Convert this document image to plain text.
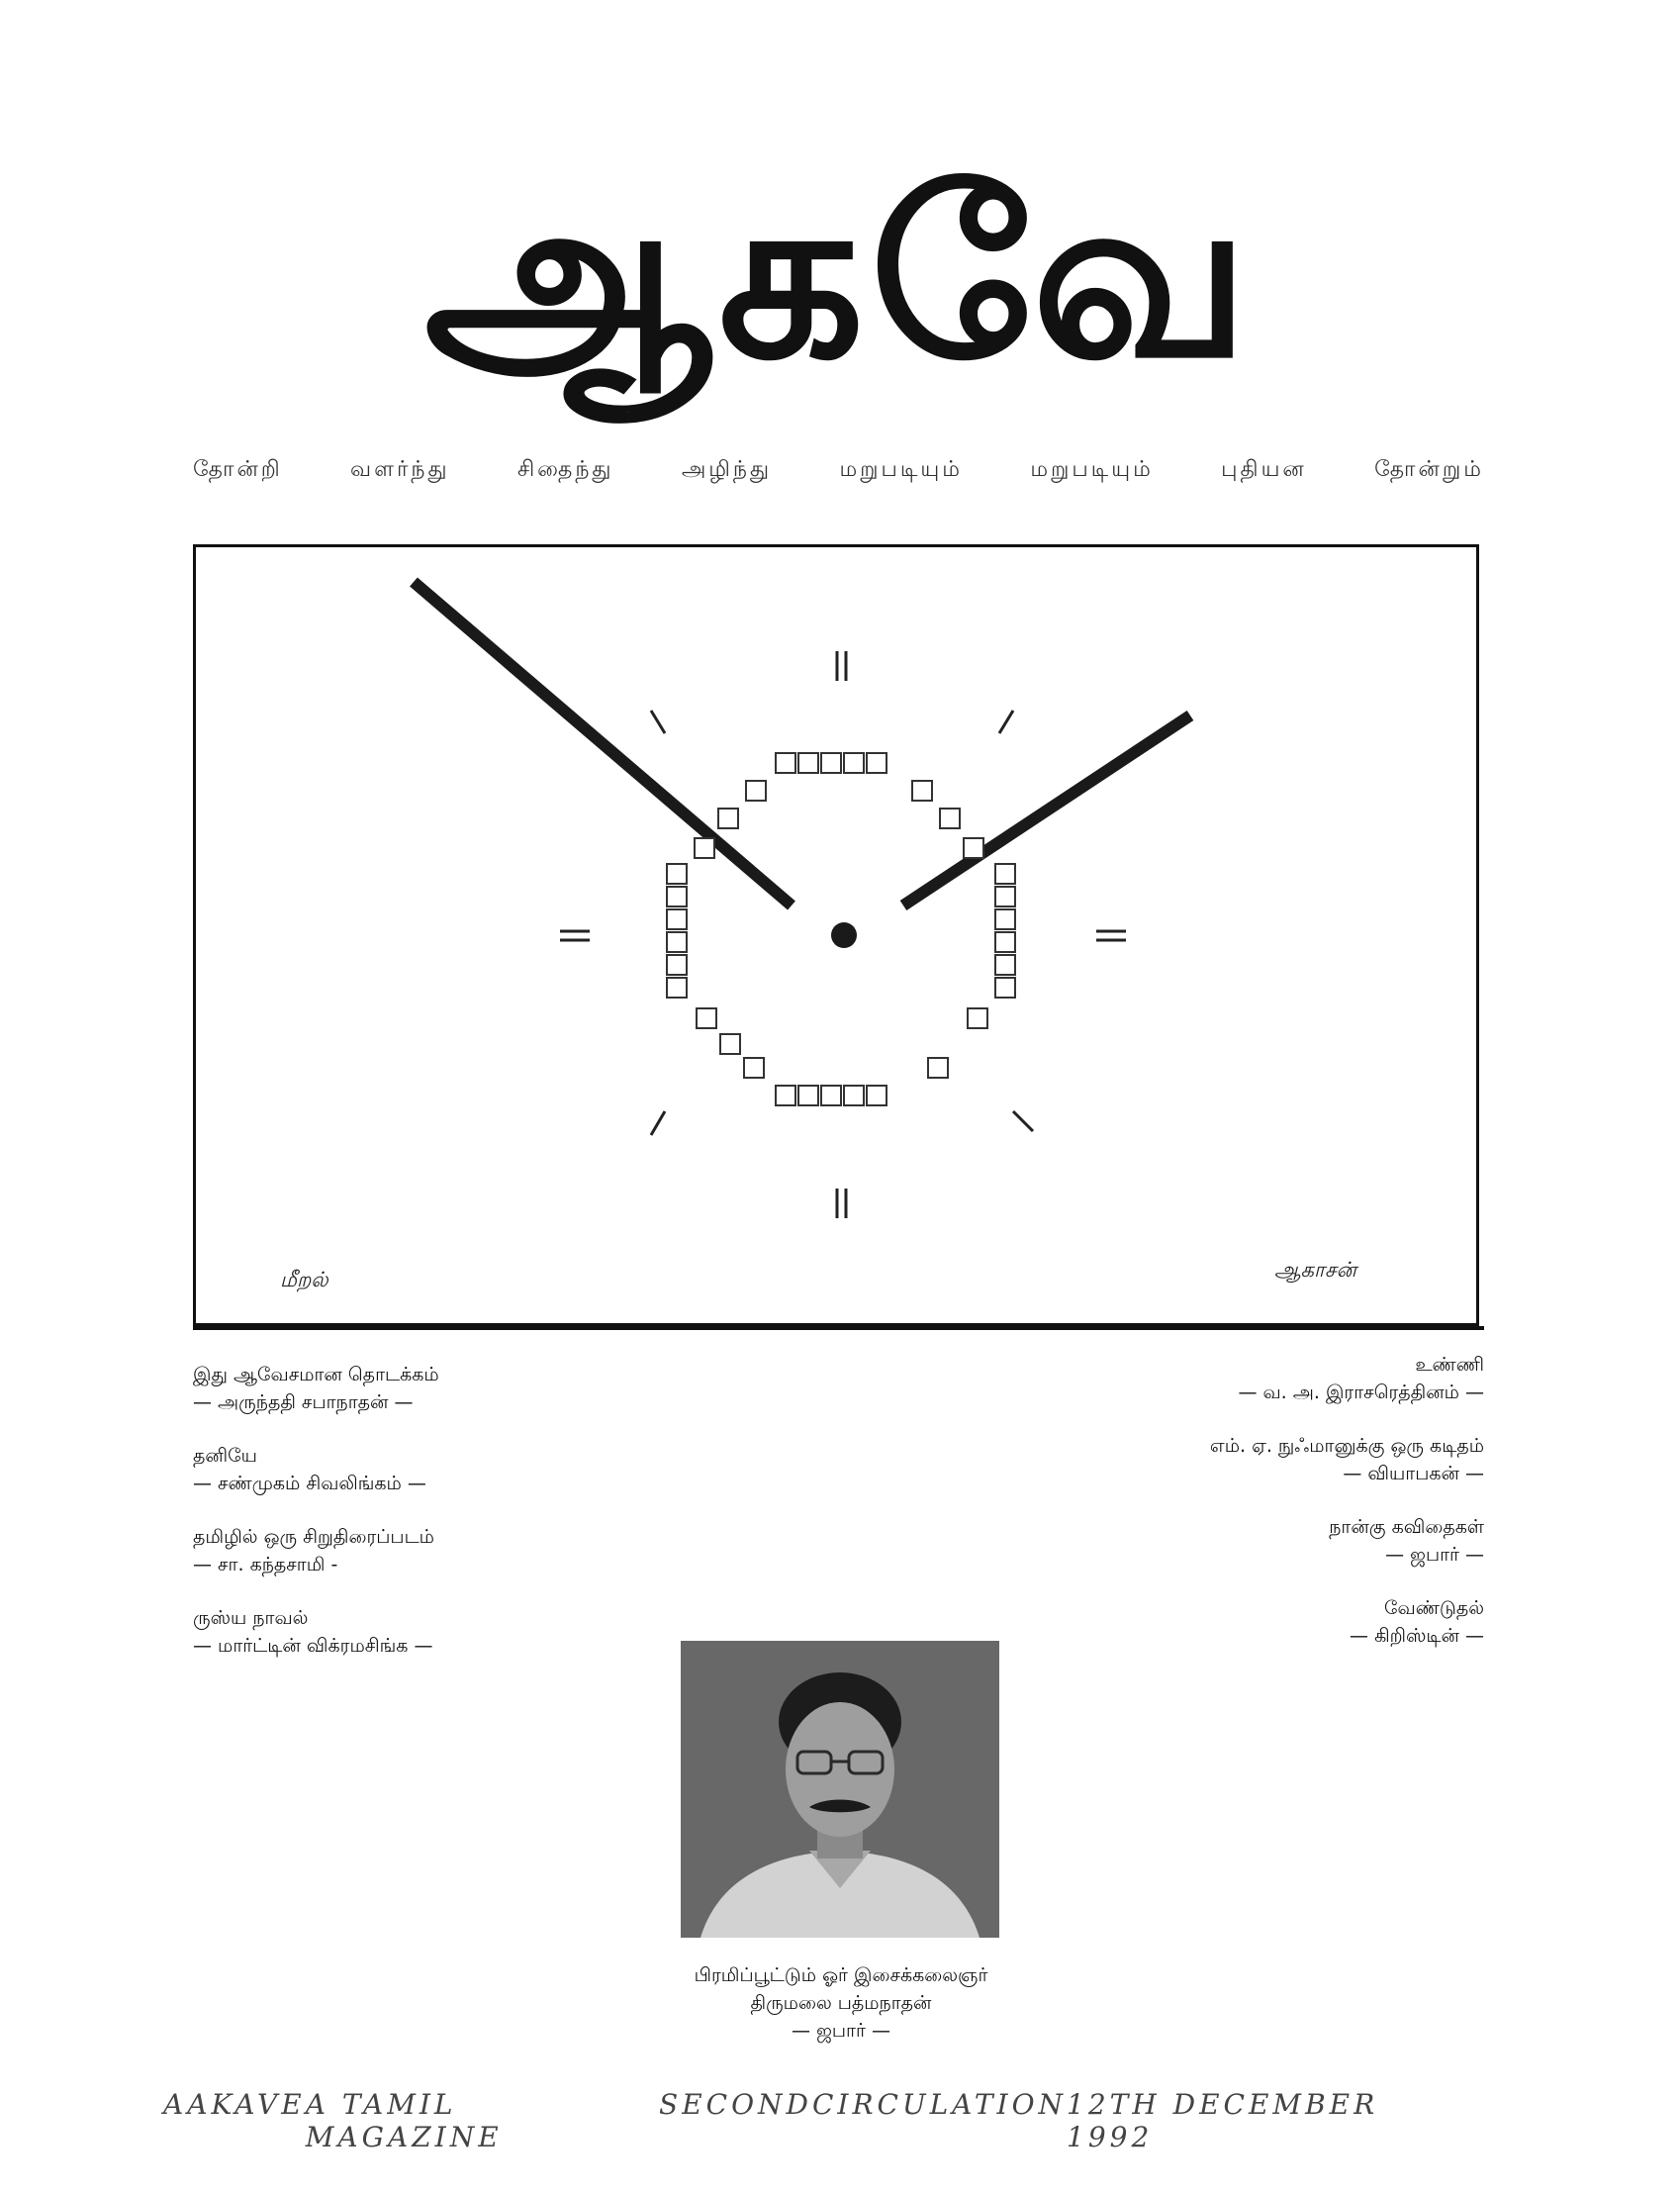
ஆகவே
தோன்றி	வளர்ந்து	சிதைந்து	அழிந்து	மறுபடியும்	மறுபடியும்	புதியன	தோன்றும்
மீறல்	ஆகாசன்
இது ஆவேசமான தொடக்கம்
— அருந்ததி சபாநாதன் —
தனியே
— சண்முகம் சிவலிங்கம் —
தமிழில் ஒரு சிறுதிரைப்படம்
— சா. கந்தசாமி -
ருஸ்ய நாவல்
— மார்ட்டின் விக்ரமசிங்க —
உண்ணி
— வ. அ. இராசரெத்தினம் —
எம். ஏ. நுஃமானுக்கு ஒரு கடிதம்
— வியாபகன் —
நான்கு கவிதைகள்
— ஜபார் —
வேண்டுதல்
— கிறிஸ்டின் —
பிரமிப்பூட்டும் ஓர் இசைக்கலைஞர்
திருமலை பத்மநாதன்
— ஜபார் —
AAKAVE A TAMIL MAGAZINE
SECOND CIRCULATION 12TH DECEMBER 1992
